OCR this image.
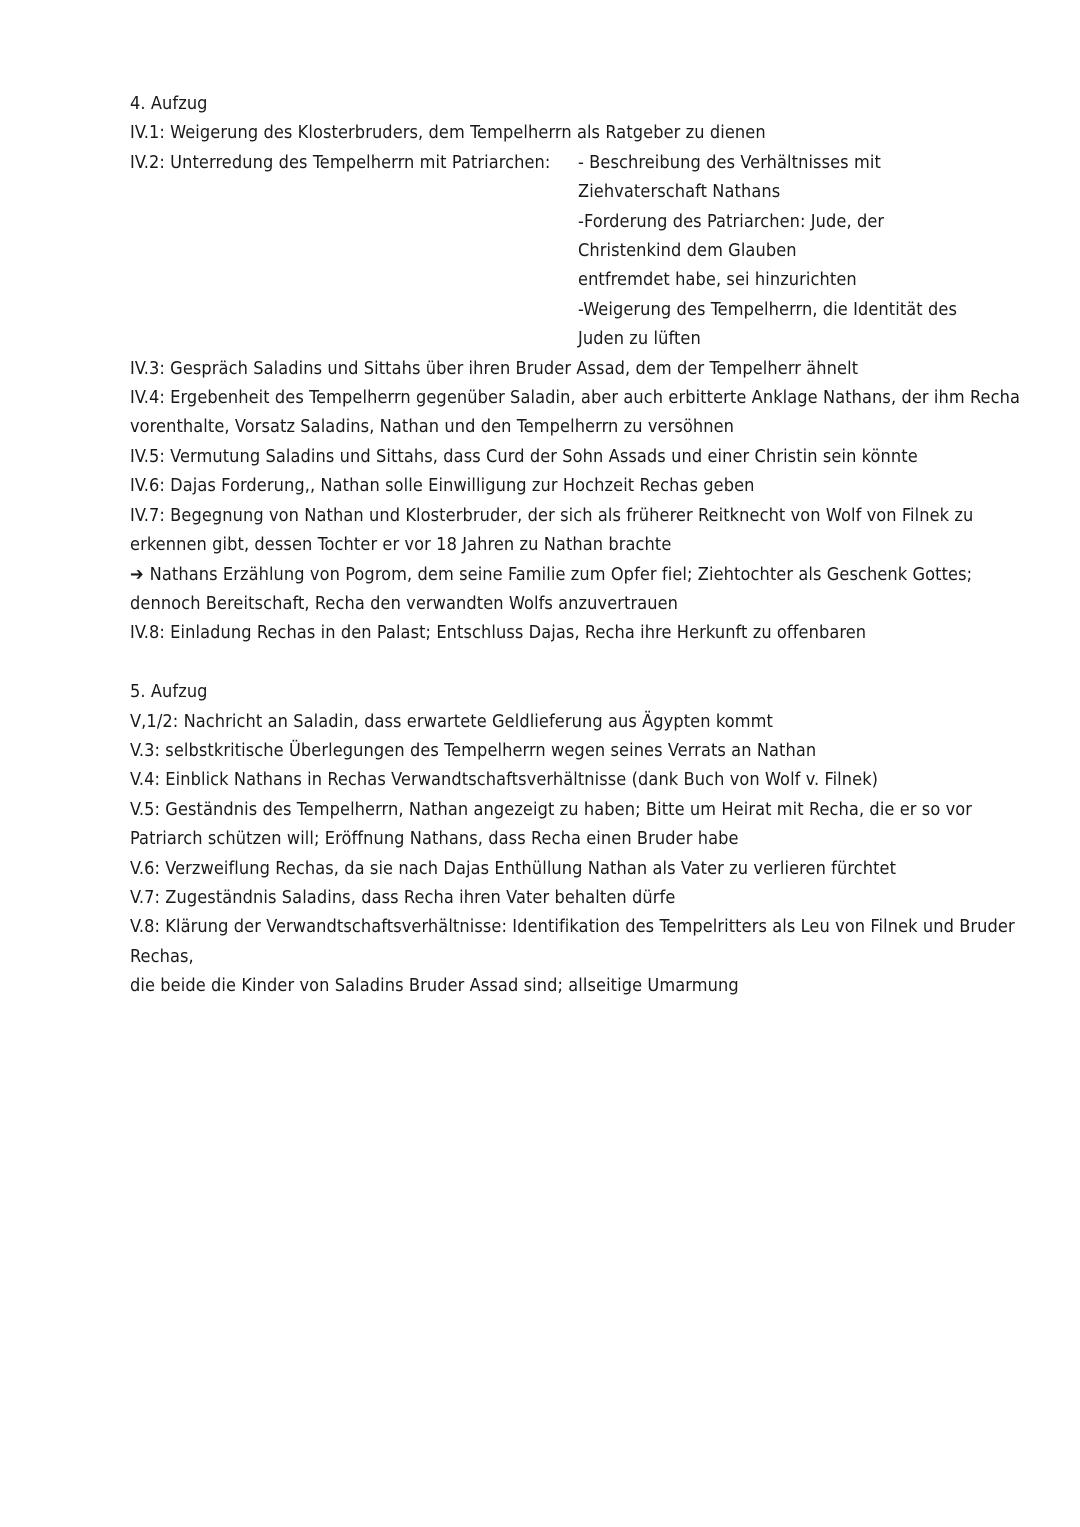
4. Aufzug
IV.1: Weigerung des Klosterbruders, dem Tempelherrn als Ratgeber zu dienen
IV.2: Unterredung des Tempelherrn mit Patriarchen:	- Beschreibung des Verhältnisses mit
Ziehvaterschaft Nathans
-Forderung des Patriarchen: Jude, der
Christenkind dem Glauben
entfremdet habe, sei hinzurichten
-Weigerung des Tempelherrn, die Identität des
Juden zu lüften
IV.3: Gespräch Saladins und Sittahs über ihren Bruder Assad, dem der Tempelherr ähnelt
IV.4: Ergebenheit des Tempelherrn gegenüber Saladin, aber auch erbitterte Anklage Nathans, der ihm Recha
vorenthalte, Vorsatz Saladins, Nathan und den Tempelherrn zu versöhnen
IV.5: Vermutung Saladins und Sittahs, dass Curd der Sohn Assads und einer Christin sein könnte
IV.6: Dajas Forderung,, Nathan solle Einwilligung zur Hochzeit Rechas geben
IV.7: Begegnung von Nathan und Klosterbruder, der sich als früherer Reitknecht von Wolf von Filnek zu
erkennen gibt, dessen Tochter er vor 18 Jahren zu Nathan brachte
➔ Nathans Erzählung von Pogrom, dem seine Familie zum Opfer fiel; Ziehtochter als Geschenk Gottes;
dennoch Bereitschaft, Recha den verwandten Wolfs anzuvertrauen
IV.8: Einladung Rechas in den Palast; Entschluss Dajas, Recha ihre Herkunft zu offenbaren
5. Aufzug
V,1/2: Nachricht an Saladin, dass erwartete Geldlieferung aus Ägypten kommt
V.3: selbstkritische Überlegungen des Tempelherrn wegen seines Verrats an Nathan
V.4: Einblick Nathans in Rechas Verwandtschaftsverhältnisse (dank Buch von Wolf v. Filnek)
V.5: Geständnis des Tempelherrn, Nathan angezeigt zu haben; Bitte um Heirat mit Recha, die er so vor
Patriarch schützen will; Eröffnung Nathans, dass Recha einen Bruder habe
V.6: Verzweiflung Rechas, da sie nach Dajas Enthüllung Nathan als Vater zu verlieren fürchtet
V.7: Zugeständnis Saladins, dass Recha ihren Vater behalten dürfe
V.8: Klärung der Verwandtschaftsverhältnisse: Identifikation des Tempelritters als Leu von Filnek und Bruder
Rechas,
die beide die Kinder von Saladins Bruder Assad sind; allseitige Umarmung
